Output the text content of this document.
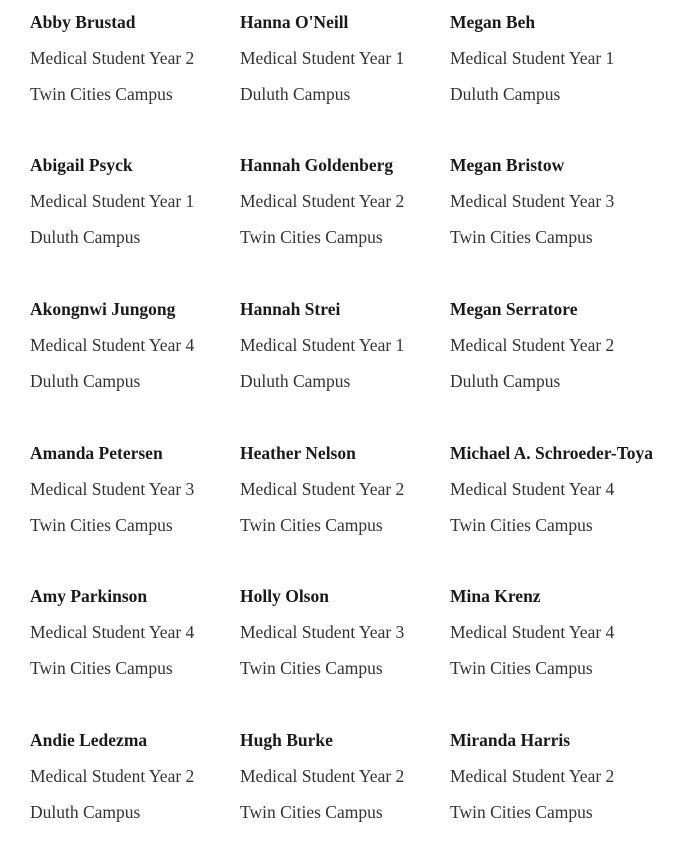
Abby Brustad
Medical Student Year 2
Twin Cities Campus
Hanna O'Neill
Medical Student Year 1
Duluth Campus
Megan Beh
Medical Student Year 1
Duluth Campus
Abigail Psyck
Medical Student Year 1
Duluth Campus
Hannah Goldenberg
Medical Student Year 2
Twin Cities Campus
Megan Bristow
Medical Student Year 3
Twin Cities Campus
Akongnwi Jungong
Medical Student Year 4
Duluth Campus
Hannah Strei
Medical Student Year 1
Duluth Campus
Megan Serratore
Medical Student Year 2
Duluth Campus
Amanda Petersen
Medical Student Year 3
Twin Cities Campus
Heather Nelson
Medical Student Year 2
Twin Cities Campus
Michael A. Schroeder-Toya
Medical Student Year 4
Twin Cities Campus
Amy Parkinson
Medical Student Year 4
Twin Cities Campus
Holly Olson
Medical Student Year 3
Twin Cities Campus
Mina Krenz
Medical Student Year 4
Twin Cities Campus
Andie Ledezma
Medical Student Year 2
Duluth Campus
Hugh Burke
Medical Student Year 2
Twin Cities Campus
Miranda Harris
Medical Student Year 2
Twin Cities Campus
